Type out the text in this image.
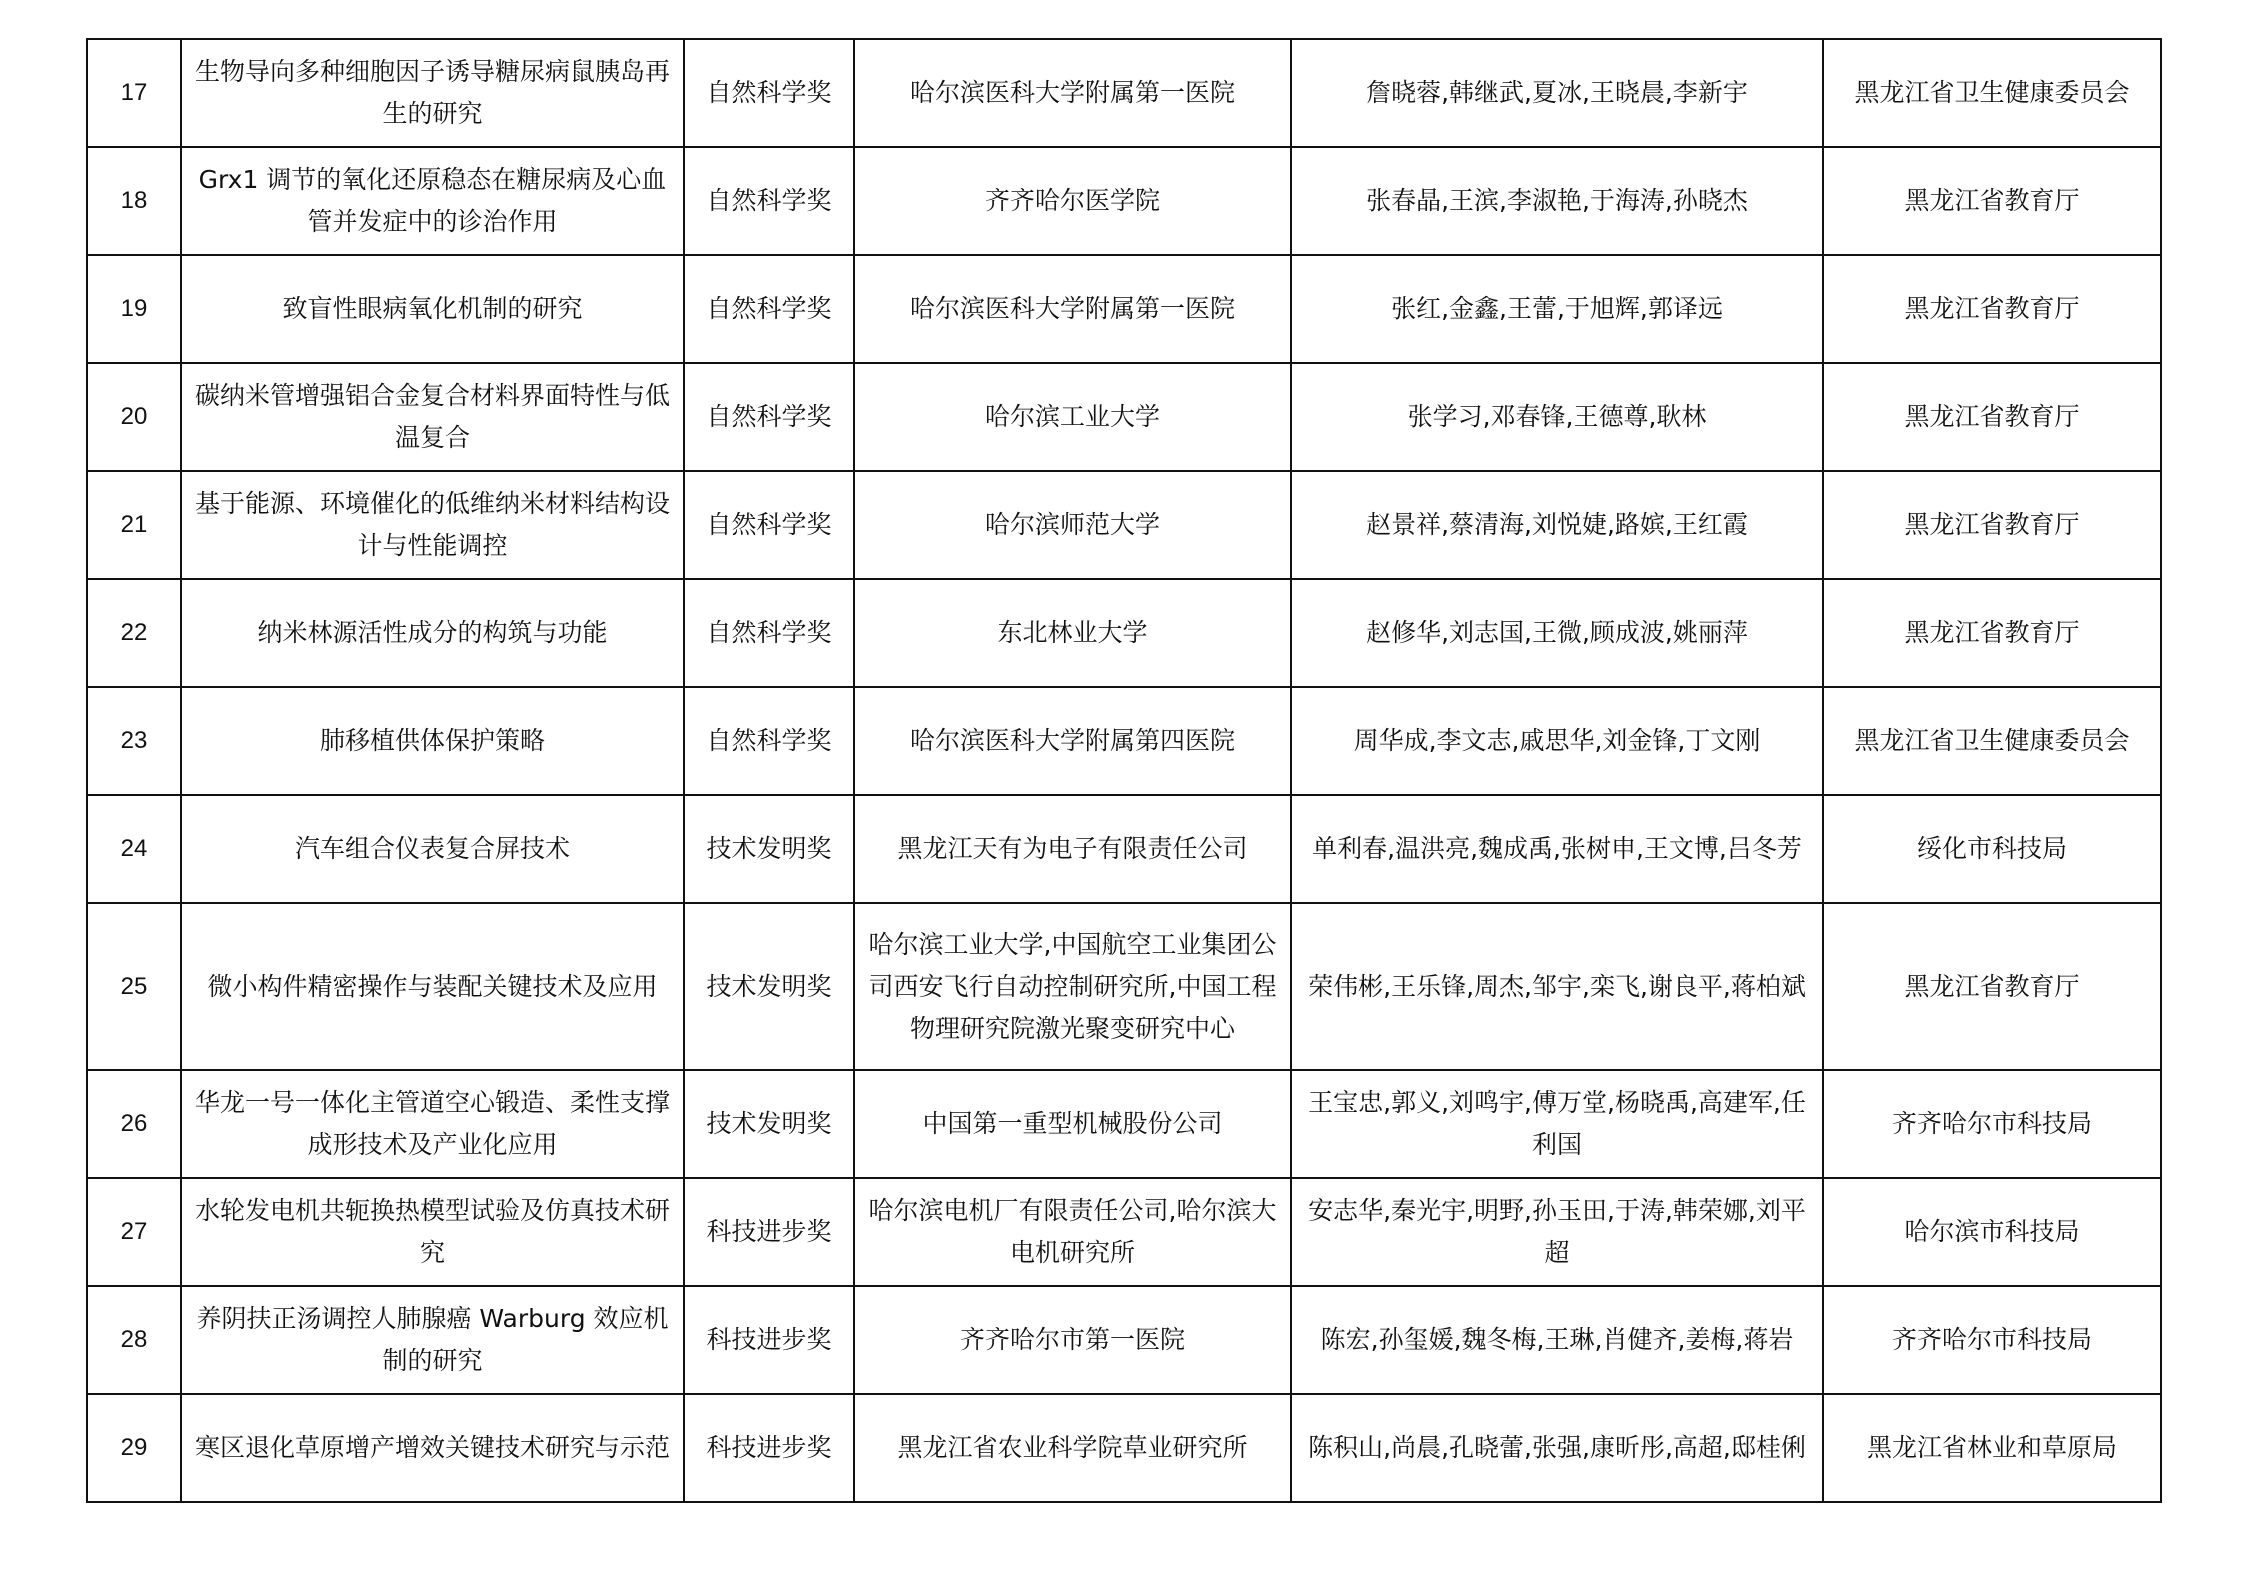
17	生物导向多种细胞因子诱导糖尿病鼠胰岛再生的研究	自然科学奖	哈尔滨医科大学附属第一医院	詹晓蓉,韩继武,夏冰,王晓晨,李新宇	黑龙江省卫生健康委员会
18	Grx1 调节的氧化还原稳态在糖尿病及心血管并发症中的诊治作用	自然科学奖	齐齐哈尔医学院	张春晶,王滨,李淑艳,于海涛,孙晓杰	黑龙江省教育厅
19	致盲性眼病氧化机制的研究	自然科学奖	哈尔滨医科大学附属第一医院	张红,金鑫,王蕾,于旭辉,郭译远	黑龙江省教育厅
20	碳纳米管增强铝合金复合材料界面特性与低温复合	自然科学奖	哈尔滨工业大学	张学习,邓春锋,王德尊,耿林	黑龙江省教育厅
21	基于能源、环境催化的低维纳米材料结构设计与性能调控	自然科学奖	哈尔滨师范大学	赵景祥,蔡清海,刘悦婕,路嫔,王红霞	黑龙江省教育厅
22	纳米林源活性成分的构筑与功能	自然科学奖	东北林业大学	赵修华,刘志国,王微,顾成波,姚丽萍	黑龙江省教育厅
23	肺移植供体保护策略	自然科学奖	哈尔滨医科大学附属第四医院	周华成,李文志,戚思华,刘金锋,丁文刚	黑龙江省卫生健康委员会
24	汽车组合仪表复合屏技术	技术发明奖	黑龙江天有为电子有限责任公司	单利春,温洪亮,魏成禹,张树申,王文博,吕冬芳	绥化市科技局
25	微小构件精密操作与装配关键技术及应用	技术发明奖	哈尔滨工业大学,中国航空工业集团公司西安飞行自动控制研究所,中国工程物理研究院激光聚变研究中心	荣伟彬,王乐锋,周杰,邹宇,栾飞,谢良平,蒋柏斌	黑龙江省教育厅
26	华龙一号一体化主管道空心锻造、柔性支撑成形技术及产业化应用	技术发明奖	中国第一重型机械股份公司	王宝忠,郭义,刘鸣宇,傅万堂,杨晓禹,高建军,任利国	齐齐哈尔市科技局
27	水轮发电机共轭换热模型试验及仿真技术研究	科技进步奖	哈尔滨电机厂有限责任公司,哈尔滨大电机研究所	安志华,秦光宇,明野,孙玉田,于涛,韩荣娜,刘平超	哈尔滨市科技局
28	养阴扶正汤调控人肺腺癌 Warburg 效应机制的研究	科技进步奖	齐齐哈尔市第一医院	陈宏,孙玺媛,魏冬梅,王琳,肖健齐,姜梅,蒋岩	齐齐哈尔市科技局
29	寒区退化草原增产增效关键技术研究与示范	科技进步奖	黑龙江省农业科学院草业研究所	陈积山,尚晨,孔晓蕾,张强,康昕彤,高超,邸桂俐	黑龙江省林业和草原局
